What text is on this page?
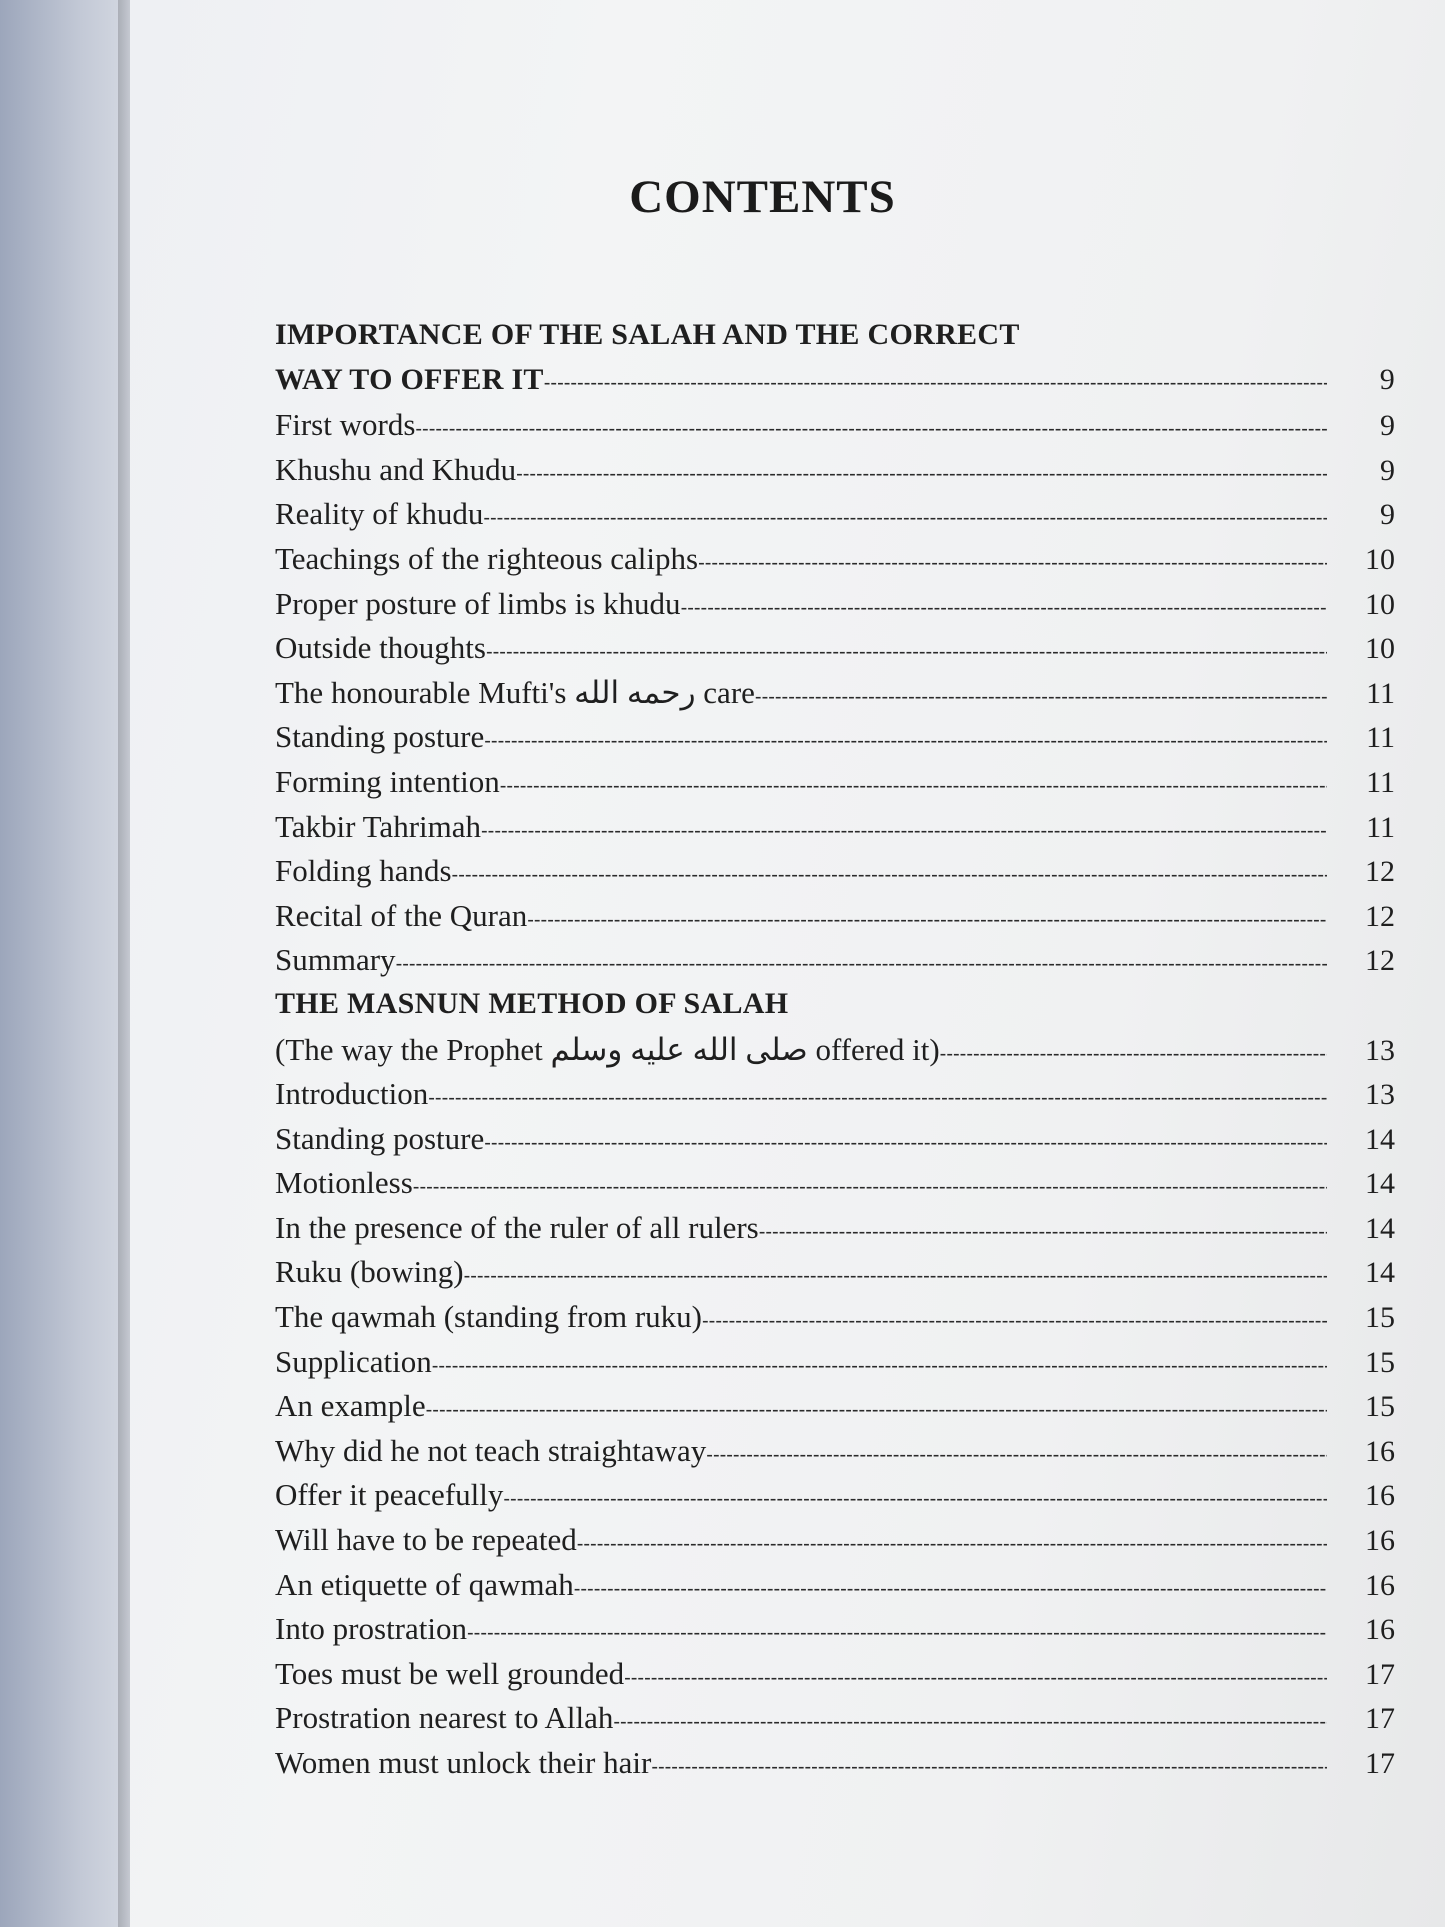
CONTENTS
IMPORTANCE OF THE SALAH AND THE CORRECT
WAY TO OFFER IT -----	9
First words -----	9
Khushu and Khudu -----	9
Reality of khudu -----	9
Teachings of the righteous caliphs -----	10
Proper posture of limbs is khudu -----	10
Outside thoughts -----	10
The honourable Mufti's رحمه الله care -----	11
Standing posture -----	11
Forming intention -----	11
Takbir Tahrimah -----	11
Folding hands -----	12
Recital of the Quran -----	12
Summary -----	12
THE MASNUN METHOD OF SALAH
(The way the Prophet صلى الله عليه وسلم offered it) -----	13
Introduction -----	13
Standing posture -----	14
Motionless -----	14
In the presence of the ruler of all rulers -----	14
Ruku (bowing) -----	14
The qawmah (standing from ruku) -----	15
Supplication -----	15
An example -----	15
Why did he not teach straightaway -----	16
Offer it peacefully -----	16
Will have to be repeated -----	16
An etiquette of qawmah -----	16
Into prostration -----	16
Toes must be well grounded -----	17
Prostration nearest to Allah -----	17
Women must unlock their hair -----	17
